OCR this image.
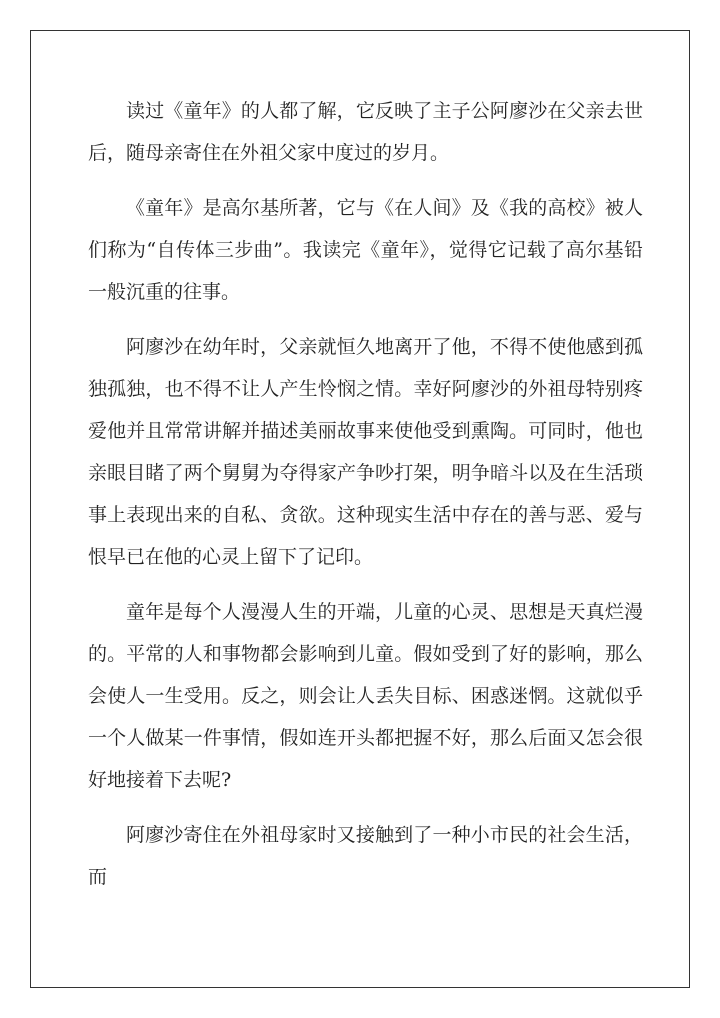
读过《童年》的人都了解，它反映了主子公阿廖沙在父亲去世后，随母亲寄住在外祖父家中度过的岁月。

《童年》是高尔基所著，它与《在人间》及《我的高校》被人们称为“自传体三步曲”。我读完《童年》，觉得它记载了高尔基铅一般沉重的往事。

阿廖沙在幼年时，父亲就恒久地离开了他，不得不使他感到孤独孤独，也不得不让人产生怜悯之情。幸好阿廖沙的外祖母特别疼爱他并且常常讲解并描述美丽故事来使他受到熏陶。可同时，他也亲眼目睹了两个舅舅为夺得家产争吵打架，明争暗斗以及在生活琐事上表现出来的自私、贪欲。这种现实生活中存在的善与恶、爱与恨早已在他的心灵上留下了记印。

童年是每个人漫漫人生的开端，儿童的心灵、思想是天真烂漫的。平常的人和事物都会影响到儿童。假如受到了好的影响，那么会使人一生受用。反之，则会让人丢失目标、困惑迷惘。这就似乎一个人做某一件事情，假如连开头都把握不好，那么后面又怎会很好地接着下去呢?

阿廖沙寄住在外祖母家时又接触到了一种小市民的社会生活，而
